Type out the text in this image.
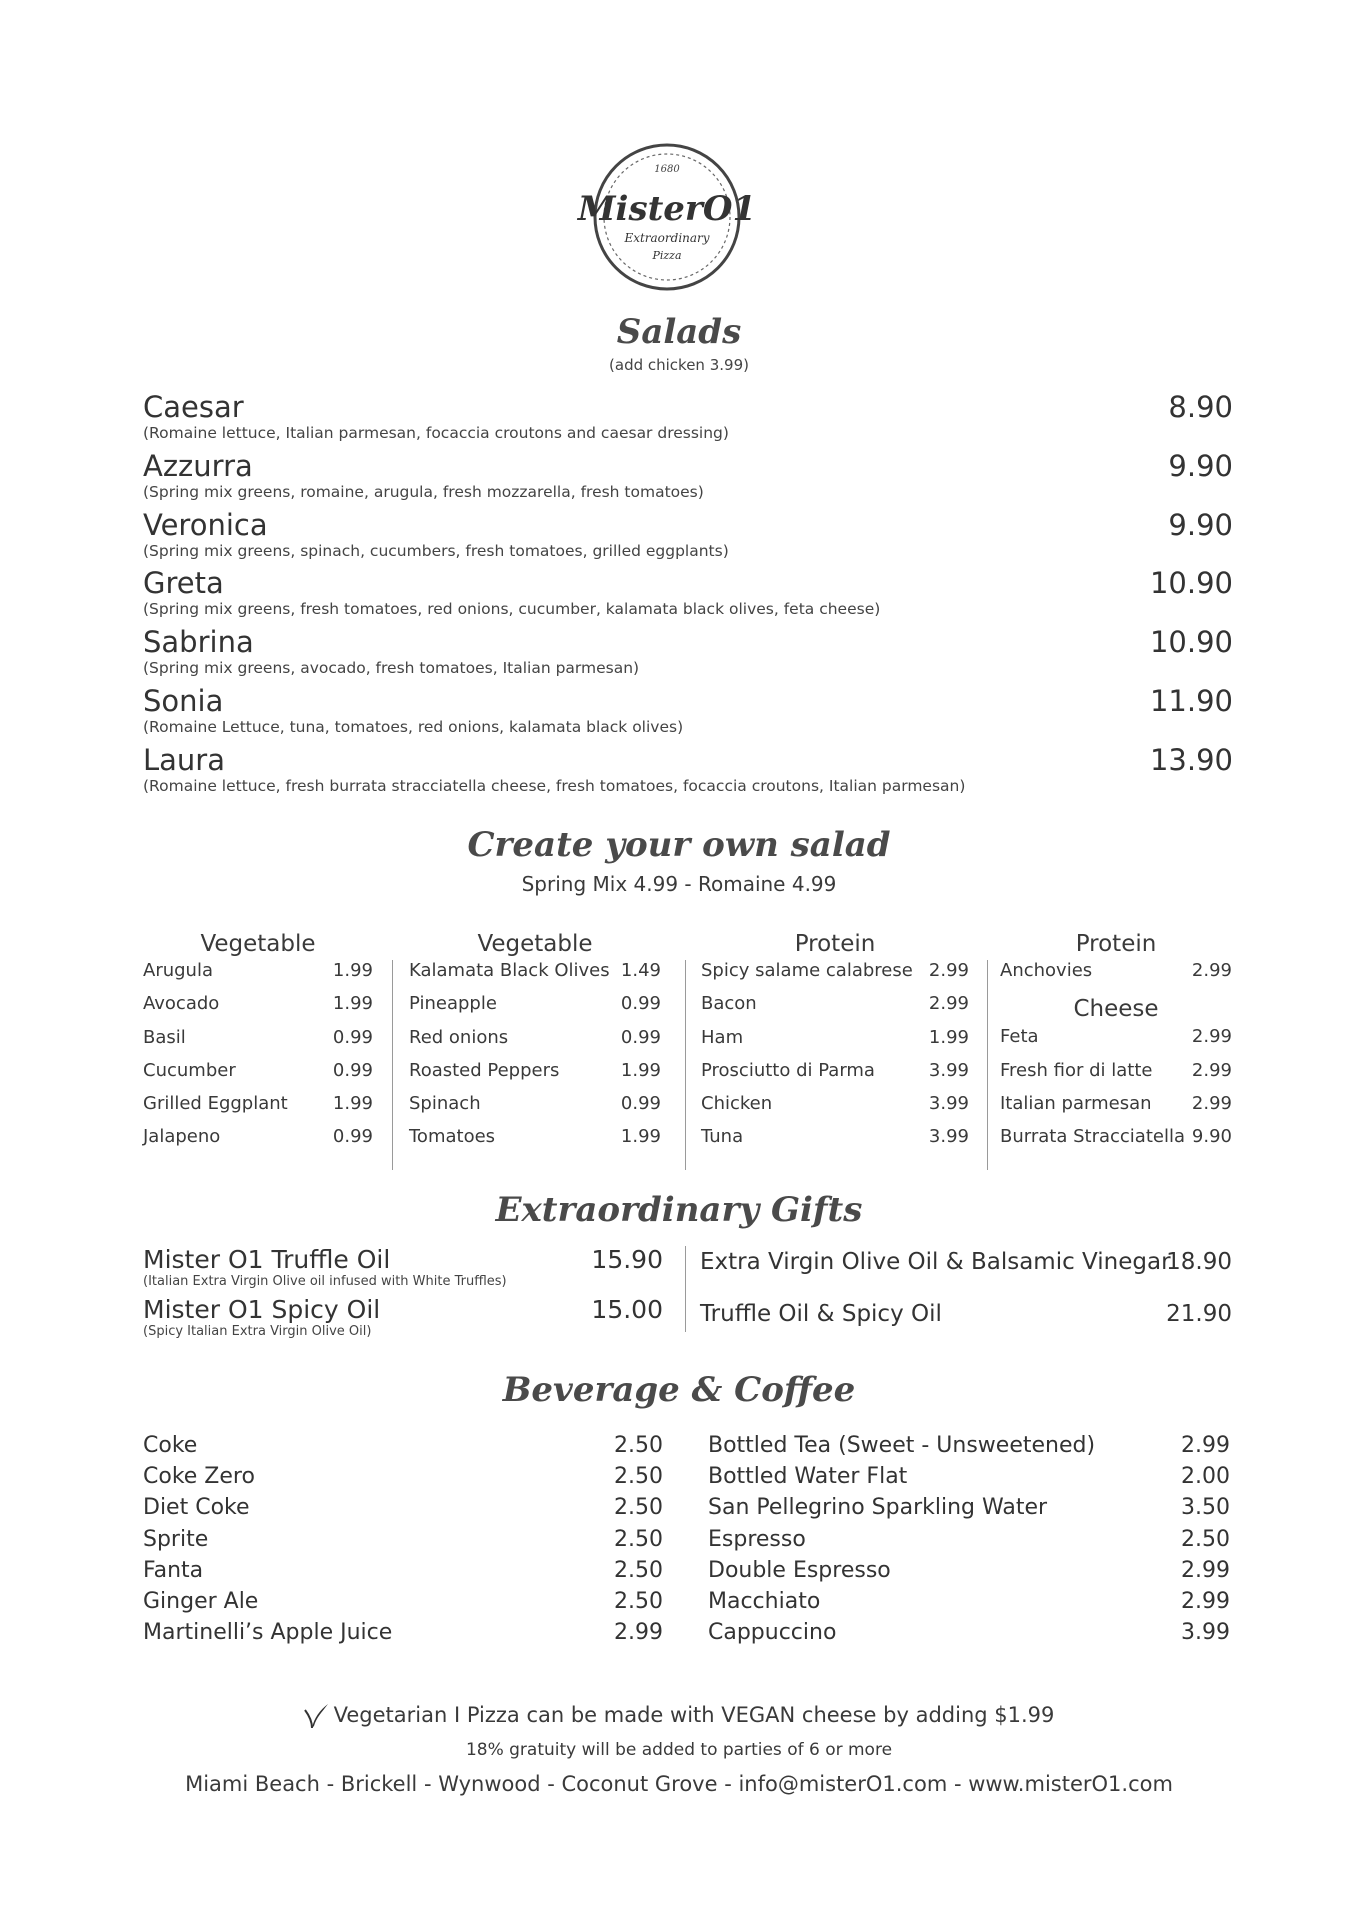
1680
MisterO1
Extraordinary
Pizza
Salads
(add chicken 3.99)
Caesar
(Romaine lettuce, Italian parmesan, focaccia croutons and caesar dressing)
8.90
Azzurra
(Spring mix greens, romaine, arugula, fresh mozzarella, fresh tomatoes)
9.90
Veronica
(Spring mix greens, spinach, cucumbers, fresh tomatoes, grilled eggplants)
9.90
Greta
(Spring mix greens, fresh tomatoes, red onions, cucumber, kalamata black olives, feta cheese)
10.90
Sabrina
(Spring mix greens, avocado, fresh tomatoes, Italian parmesan)
10.90
Sonia
(Romaine Lettuce, tuna, tomatoes, red onions, kalamata black olives)
11.90
Laura
(Romaine lettuce, fresh burrata stracciatella cheese, fresh tomatoes, focaccia croutons, Italian parmesan)
13.90
Create your own salad
Spring Mix 4.99 - Romaine 4.99
Vegetable
Arugula	1.99
Avocado	1.99
Basil	0.99
Cucumber	0.99
Grilled Eggplant	1.99
Jalapeno	0.99
Vegetable
Kalamata Black Olives 1.49
Pineapple	0.99
Red onions	0.99
Roasted Peppers	1.99
Spinach	0.99
Tomatoes	1.99
Protein
Spicy salame calabrese 2.99
Bacon	2.99
Ham	1.99
Prosciutto di Parma	3.99
Chicken	3.99
Tuna	3.99
Protein
Anchovies	2.99
Cheese
Feta	2.99
Fresh fior di latte 2.99
Italian parmesan 2.99
Burrata Stracciatella 9.90
Extraordinary Gifts
Mister O1 Truffle Oil
(Italian Extra Virgin Olive oil infused with White Truffles)
15.90
Mister O1 Spicy Oil
(Spicy Italian Extra Virgin Olive Oil)
15.00
Extra Virgin Olive Oil & Balsamic Vinegar
18.90
Truffle Oil & Spicy Oil	21.90
Beverage & Coffee
Coke	2.50
Coke Zero	2.50
Diet Coke	2.50
Sprite	2.50
Fanta	2.50
Ginger Ale	2.50
Martinelli’s Apple Juice	2.99
Bottled Tea (Sweet - Unsweetened)	2.99
Bottled Water Flat	2.00
San Pellegrino Sparkling Water	3.50
Espresso	2.50
Double Espresso	2.99
Macchiato	2.99
Cappuccino	3.99
Vegetarian I Pizza can be made with VEGAN cheese by adding $1.99
18% gratuity will be added to parties of 6 or more
Miami Beach - Brickell - Wynwood - Coconut Grove - info@misterO1.com - www.misterO1.com
